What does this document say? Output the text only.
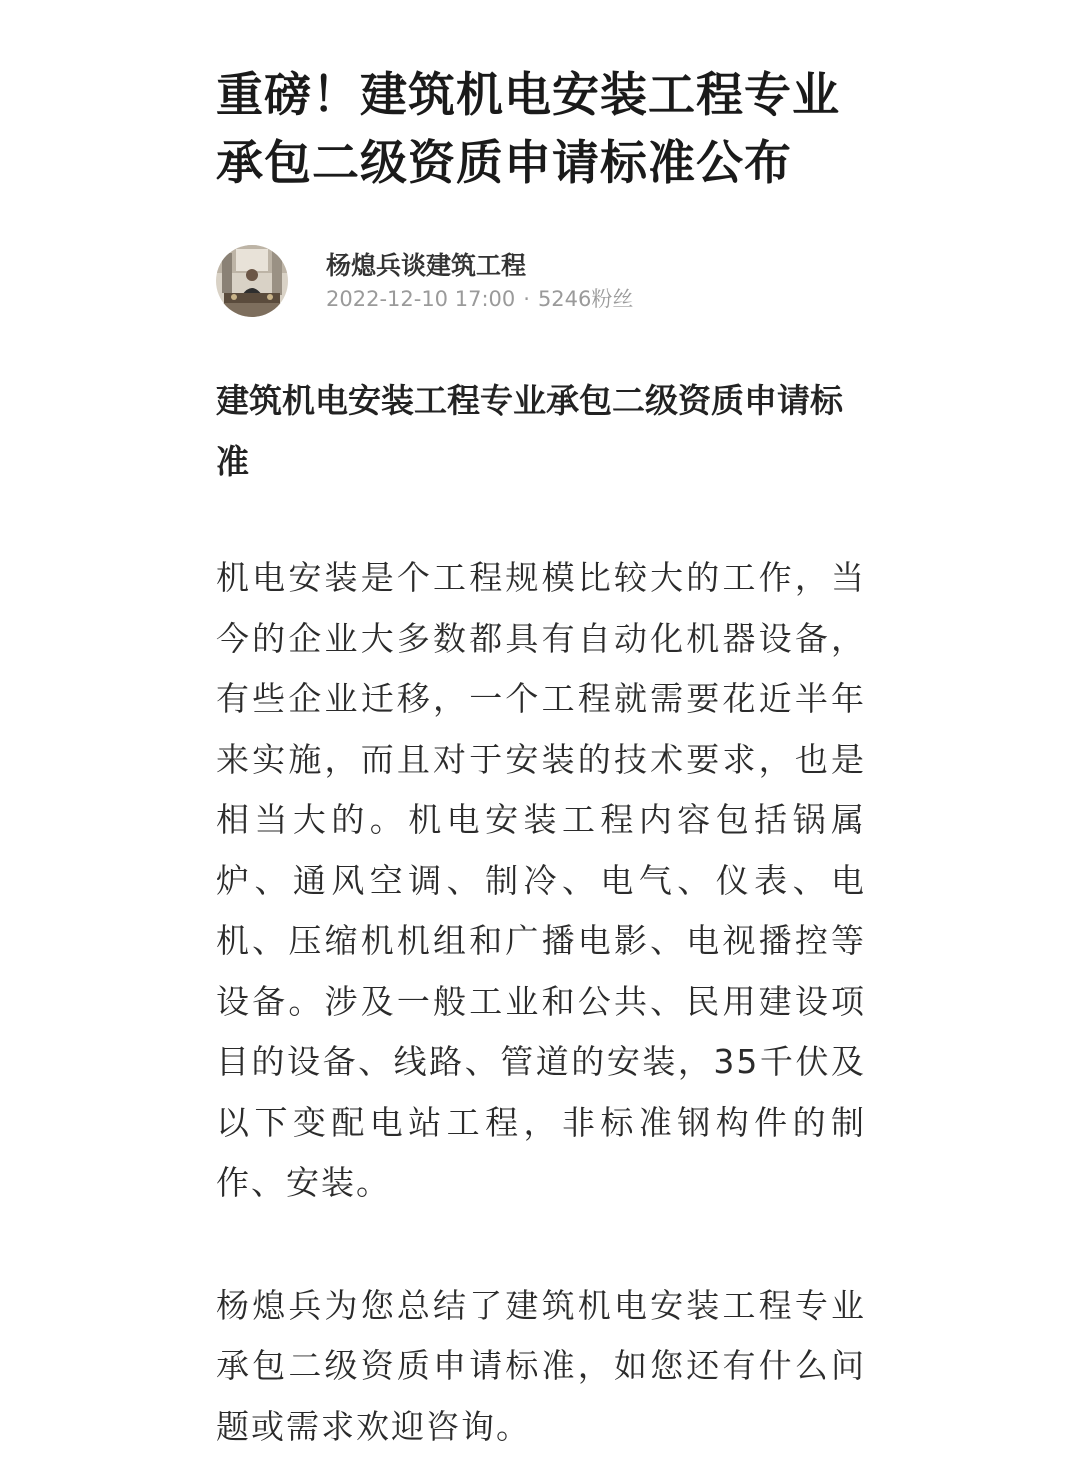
重磅！建筑机电安装工程专业承包二级资质申请标准公布
杨熄兵谈建筑工程
2022-12-10 17:00 · 5246粉丝
建筑机电安装工程专业承包二级资质申请标准

机电安装是个工程规模比较大的工作，当今的企业大多数都具有自动化机器设备，有些企业迁移，一个工程就需要花近半年来实施，而且对于安装的技术要求，也是相当大的。机电安装工程内容包括锅属炉、通风空调、制冷、电气、仪表、电机、压缩机机组和广播电影、电视播控等设备。涉及一般工业和公共、民用建设项目的设备、线路、管道的安装，35千伏及以下变配电站工程，非标准钢构件的制作、安装。

杨熄兵为您总结了建筑机电安装工程专业承包二级资质申请标准，如您还有什么问题或需求欢迎咨询。
